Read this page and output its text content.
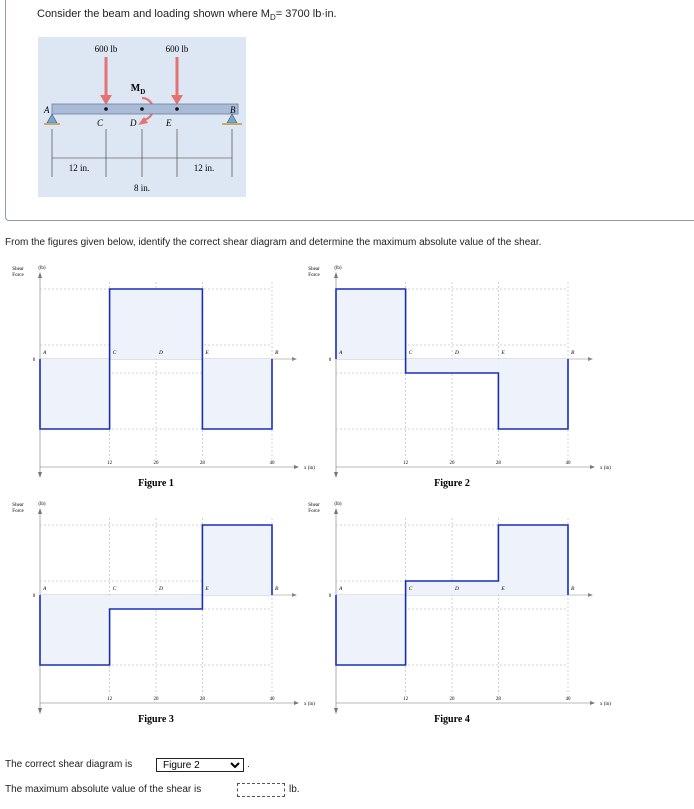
Consider the beam and loading shown where $M_D= 3700$ lb·in.
600 lb	600 lb
$M_D$
A
C	D	E
B
12 in.
8 in.
12 in.
From the figures given below, identify the correct shear diagram and determine the maximum absolute value of the shear.
Shear
Force
(lb)
0
x (in)
12	20	28	40
A	C	D	E	B
Figure 1
Shear
Force
(lb)
0
x (in)
12	20	28	40
A	C	D	E	B
Figure 2
Shear
Force
(lb)
0
x (in)
12	20	28	40
A	C	D	E	B
Figure 3
Shear
Force
(lb)
0
x (in)
12	20	28	40
A	C	D	E	B
Figure 4
The correct shear diagram is
Figure 2	.
The maximum absolute value of the shear is	lb.
